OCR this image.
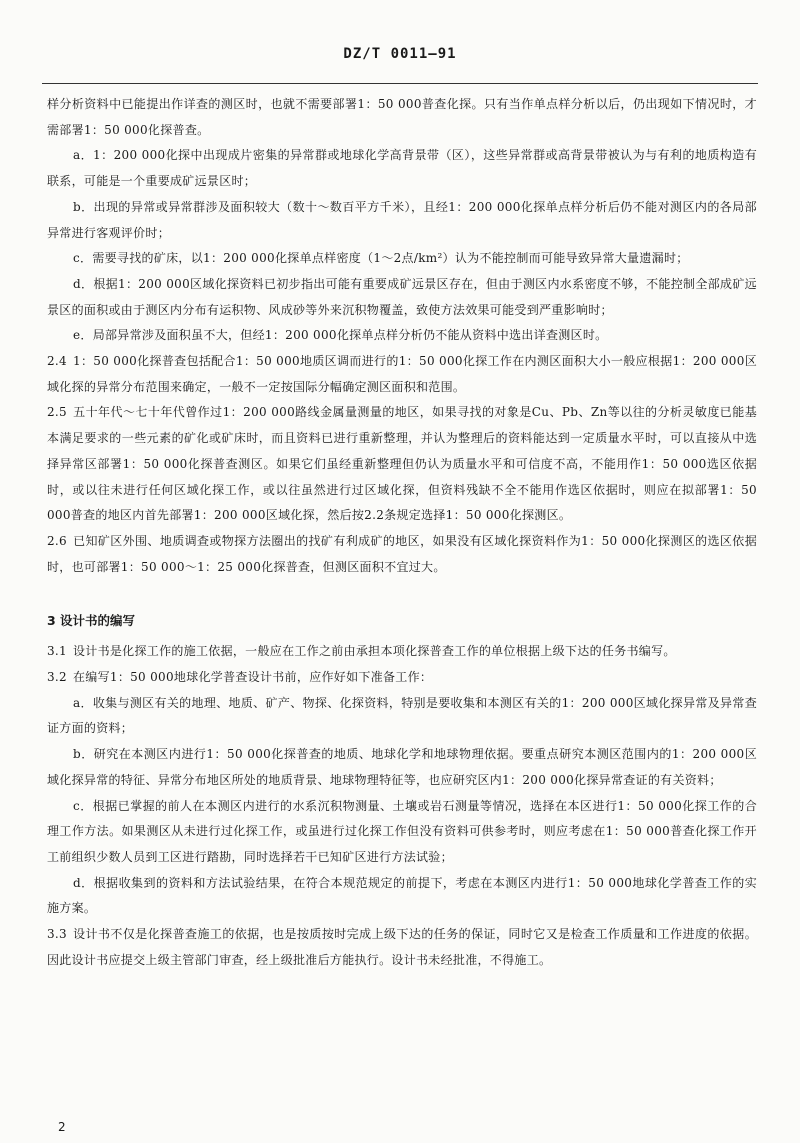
DZ/T 0011—91

样分析资料中已能提出作详查的测区时，也就不需要部署1：50 000普查化探。只有当作单点样分析以后，仍出现如下情况时，才需部署1：50 000化探普查。

a．1：200 000化探中出现成片密集的异常群或地球化学高背景带（区），这些异常群或高背景带被认为与有利的地质构造有联系，可能是一个重要成矿远景区时；

b．出现的异常或异常群涉及面积较大（数十～数百平方千米），且经1：200 000化探单点样分析后仍不能对测区内的各局部异常进行客观评价时；

c．需要寻找的矿床，以1：200 000化探单点样密度（1～2点/km²）认为不能控制而可能导致异常大量遗漏时；

d．根据1：200 000区域化探资料已初步指出可能有重要成矿远景区存在，但由于测区内水系密度不够，不能控制全部成矿远景区的面积或由于测区内分布有运积物、风成砂等外来沉积物覆盖，致使方法效果可能受到严重影响时；

e．局部异常涉及面积虽不大，但经1：200 000化探单点样分析仍不能从资料中选出详查测区时。

2.4 1：50 000化探普查包括配合1：50 000地质区调而进行的1：50 000化探工作在内测区面积大小一般应根据1：200 000区域化探的异常分布范围来确定，一般不一定按国际分幅确定测区面积和范围。

2.5 五十年代～七十年代曾作过1：200 000路线金属量测量的地区，如果寻找的对象是Cu、Pb、Zn等以往的分析灵敏度已能基本满足要求的一些元素的矿化或矿床时，而且资料已进行重新整理，并认为整理后的资料能达到一定质量水平时，可以直接从中选择异常区部署1：50 000化探普查测区。如果它们虽经重新整理但仍认为质量水平和可信度不高，不能用作1：50 000选区依据时，或以往未进行任何区域化探工作，或以往虽然进行过区域化探，但资料残缺不全不能用作选区依据时，则应在拟部署1：50 000普查的地区内首先部署1：200 000区域化探，然后按2.2条规定选择1：50 000化探测区。

2.6 已知矿区外围、地质调查或物探方法圈出的找矿有利成矿的地区，如果没有区域化探资料作为1：50 000化探测区的选区依据时，也可部署1：50 000～1：25 000化探普查，但测区面积不宜过大。

3 设计书的编写

3.1 设计书是化探工作的施工依据，一般应在工作之前由承担本项化探普查工作的单位根据上级下达的任务书编写。

3.2 在编写1：50 000地球化学普查设计书前，应作好如下准备工作：

a．收集与测区有关的地理、地质、矿产、物探、化探资料，特别是要收集和本测区有关的1：200 000区域化探异常及异常查证方面的资料；

b．研究在本测区内进行1：50 000化探普查的地质、地球化学和地球物理依据。要重点研究本测区范围内的1：200 000区域化探异常的特征、异常分布地区所处的地质背景、地球物理特征等，也应研究区内1：200 000化探异常查证的有关资料；

c．根据已掌握的前人在本测区内进行的水系沉积物测量、土壤或岩石测量等情况，选择在本区进行1：50 000化探工作的合理工作方法。如果测区从未进行过化探工作，或虽进行过化探工作但没有资料可供参考时，则应考虑在1：50 000普查化探工作开工前组织少数人员到工区进行踏勘，同时选择若干已知矿区进行方法试验；

d．根据收集到的资料和方法试验结果，在符合本规范规定的前提下，考虑在本测区内进行1：50 000地球化学普查工作的实施方案。

3.3 设计书不仅是化探普查施工的依据，也是按质按时完成上级下达的任务的保证，同时它又是检查工作质量和工作进度的依据。因此设计书应提交上级主管部门审查，经上级批准后方能执行。设计书未经批准，不得施工。

2
